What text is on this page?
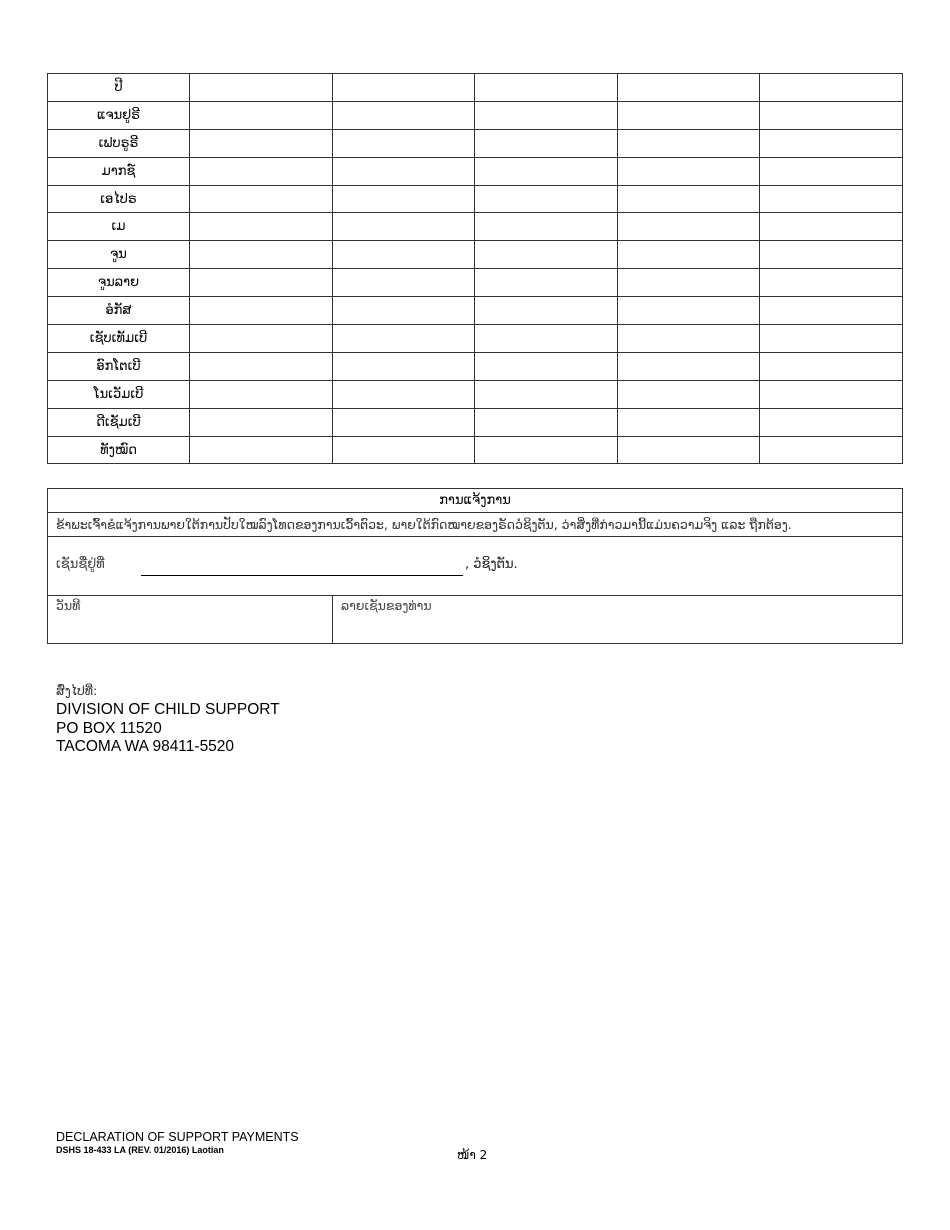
ປີ					
ແຈນຢູຣີ					
ເຟບຣູຣີ					
ມາກຊ໌					
ເອໄປຣ					
ເມ					
ຈູນ					
ຈູນລາຍ					
ອໍກັສ					
ເຊັບເທັມເບີ					
ອົກໂຕເບີ					
ໂນເວັມເບີ					
ດີເຊັມເບີ					
ທັງໝົດ					
ການແຈ້ງການ
ຂ້າພະເຈົ້າຂໍແຈ້ງການພາຍໃຕ້ການປັບໃໝລົງໂທດຂອງການເວົ້າຕົວະ, ພາຍໃຕ້ກົດໝາຍຂອງຣັດວໍຊິງຕັນ, ວ່າສິ່ງທີ່ກ່າວມານີ້ແມ່ນຄວາມຈິງ ແລະ ຖືກຕ້ອງ.
ເຊັນຊື່ຢູ່ທີ່	, ວໍຊິງຕັນ.
ວັນທີ	ລາຍເຊັນຂອງທ່ານ
ສົ່ງໄປທີ່:
DIVISION OF CHILD SUPPORT
PO BOX 11520
TACOMA WA 98411-5520
DECLARATION OF SUPPORT PAYMENTS
DSHS 18-433 LA (REV. 01/2016) Laotian	ໜ້າ 2
